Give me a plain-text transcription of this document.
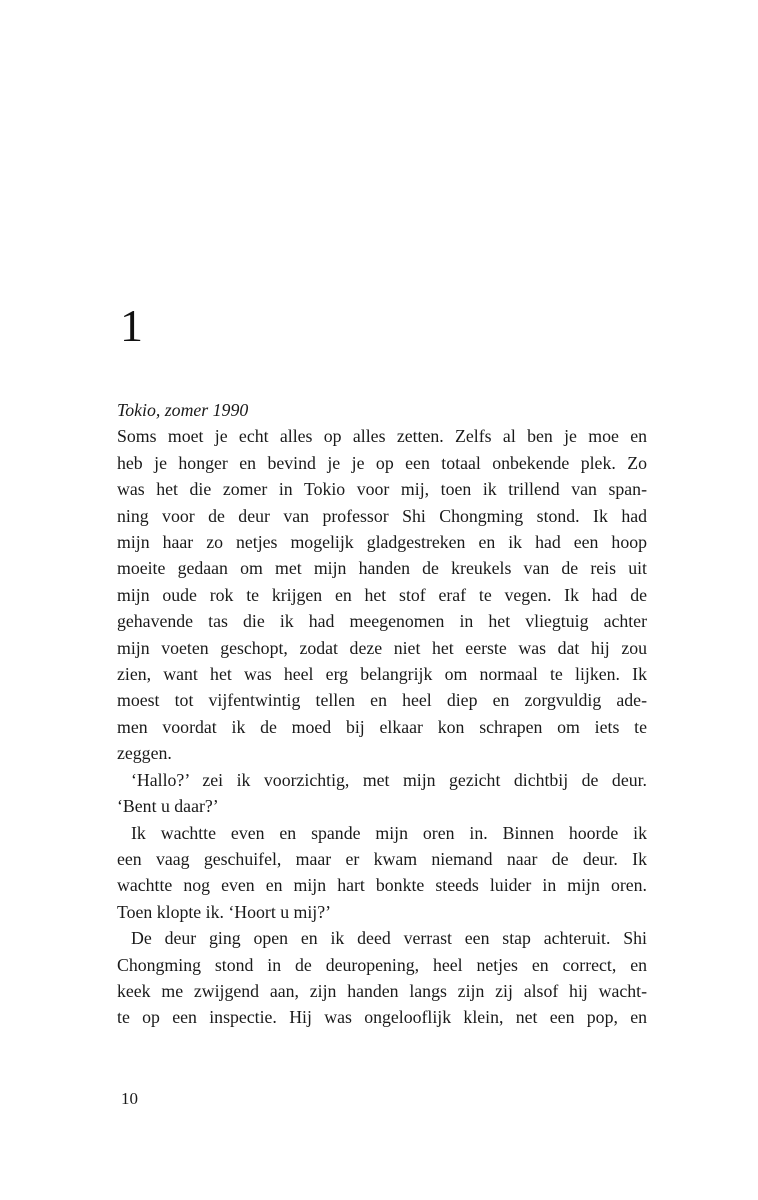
1
Tokio, zomer 1990
Soms moet je echt alles op alles zetten. Zelfs al ben je moe en
heb je honger en bevind je je op een totaal onbekende plek. Zo
was het die zomer in Tokio voor mij, toen ik trillend van span-
ning voor de deur van professor Shi Chongming stond. Ik had
mijn haar zo netjes mogelijk gladgestreken en ik had een hoop
moeite gedaan om met mijn handen de kreukels van de reis uit
mijn oude rok te krijgen en het stof eraf te vegen. Ik had de
gehavende tas die ik had meegenomen in het vliegtuig achter
mijn voeten geschopt, zodat deze niet het eerste was dat hij zou
zien, want het was heel erg belangrijk om normaal te lijken. Ik
moest tot vijfentwintig tellen en heel diep en zorgvuldig ade-
men voordat ik de moed bij elkaar kon schrapen om iets te
zeggen.
‘Hallo?’ zei ik voorzichtig, met mijn gezicht dichtbij de deur.
‘Bent u daar?’
Ik wachtte even en spande mijn oren in. Binnen hoorde ik
een vaag geschuifel, maar er kwam niemand naar de deur. Ik
wachtte nog even en mijn hart bonkte steeds luider in mijn oren.
Toen klopte ik. ‘Hoort u mij?’
De deur ging open en ik deed verrast een stap achteruit. Shi
Chongming stond in de deuropening, heel netjes en correct, en
keek me zwijgend aan, zijn handen langs zijn zij alsof hij wacht-
te op een inspectie. Hij was ongelooflijk klein, net een pop, en

10
